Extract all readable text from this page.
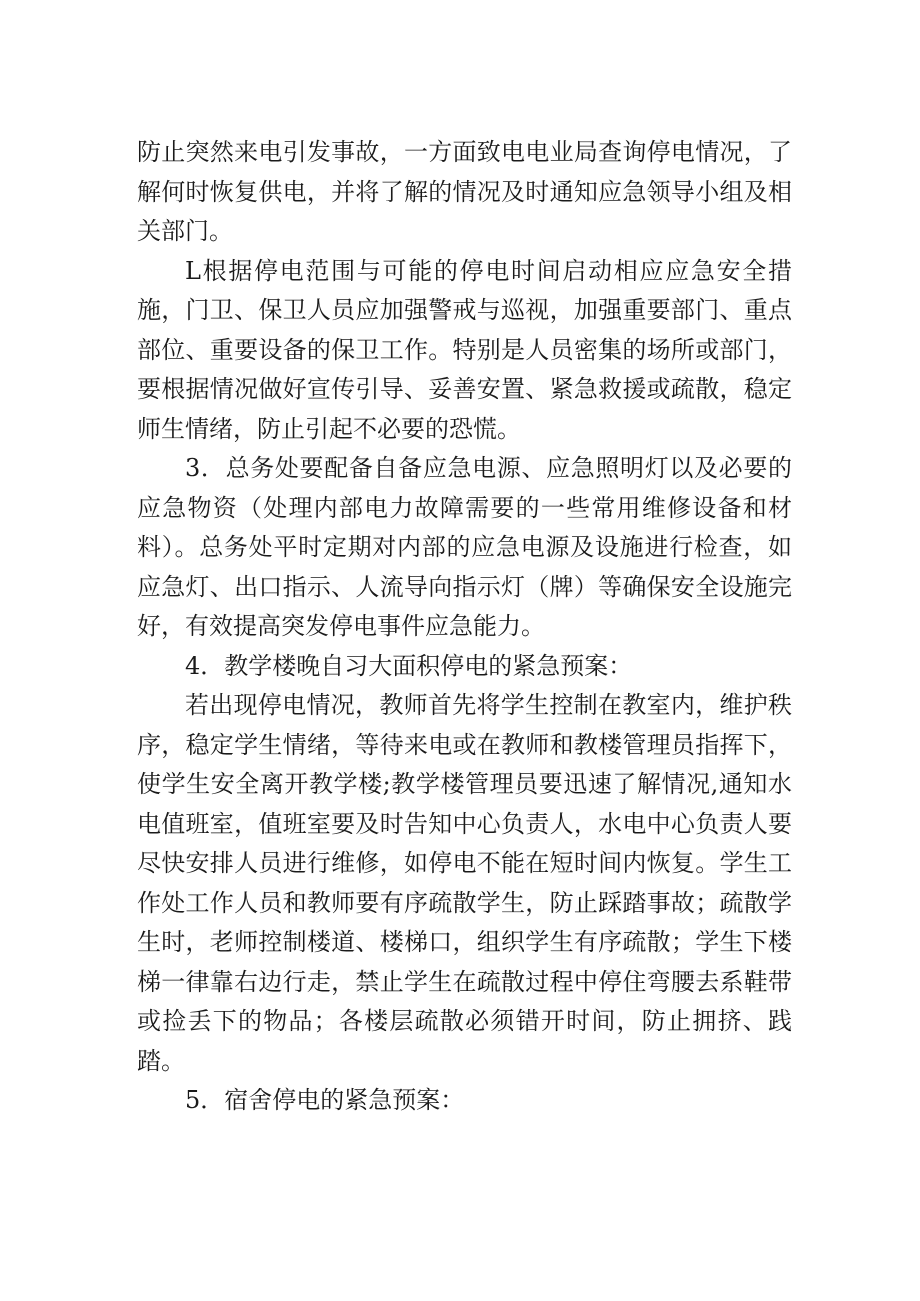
防止突然来电引发事故，一方面致电电业局查询停电情况，了解何时恢复供电，并将了解的情况及时通知应急领导小组及相关部门。

L根据停电范围与可能的停电时间启动相应应急安全措施，门卫、保卫人员应加强警戒与巡视，加强重要部门、重点部位、重要设备的保卫工作。特别是人员密集的场所或部门，要根据情况做好宣传引导、妥善安置、紧急救援或疏散，稳定师生情绪，防止引起不必要的恐慌。

3．总务处要配备自备应急电源、应急照明灯以及必要的应急物资（处理内部电力故障需要的一些常用维修设备和材料）。总务处平时定期对内部的应急电源及设施进行检查，如应急灯、出口指示、人流导向指示灯（牌）等确保安全设施完好，有效提高突发停电事件应急能力。

4．教学楼晚自习大面积停电的紧急预案：

若出现停电情况，教师首先将学生控制在教室内，维护秩序，稳定学生情绪，等待来电或在教师和教楼管理员指挥下，使学生安全离开教学楼;教学楼管理员要迅速了解情况,通知水电值班室，值班室要及时告知中心负责人，水电中心负责人要尽快安排人员进行维修，如停电不能在短时间内恢复。学生工作处工作人员和教师要有序疏散学生，防止踩踏事故；疏散学生时，老师控制楼道、楼梯口，组织学生有序疏散；学生下楼梯一律靠右边行走，禁止学生在疏散过程中停住弯腰去系鞋带或捡丢下的物品；各楼层疏散必须错开时间，防止拥挤、践踏。

5．宿舍停电的紧急预案：
